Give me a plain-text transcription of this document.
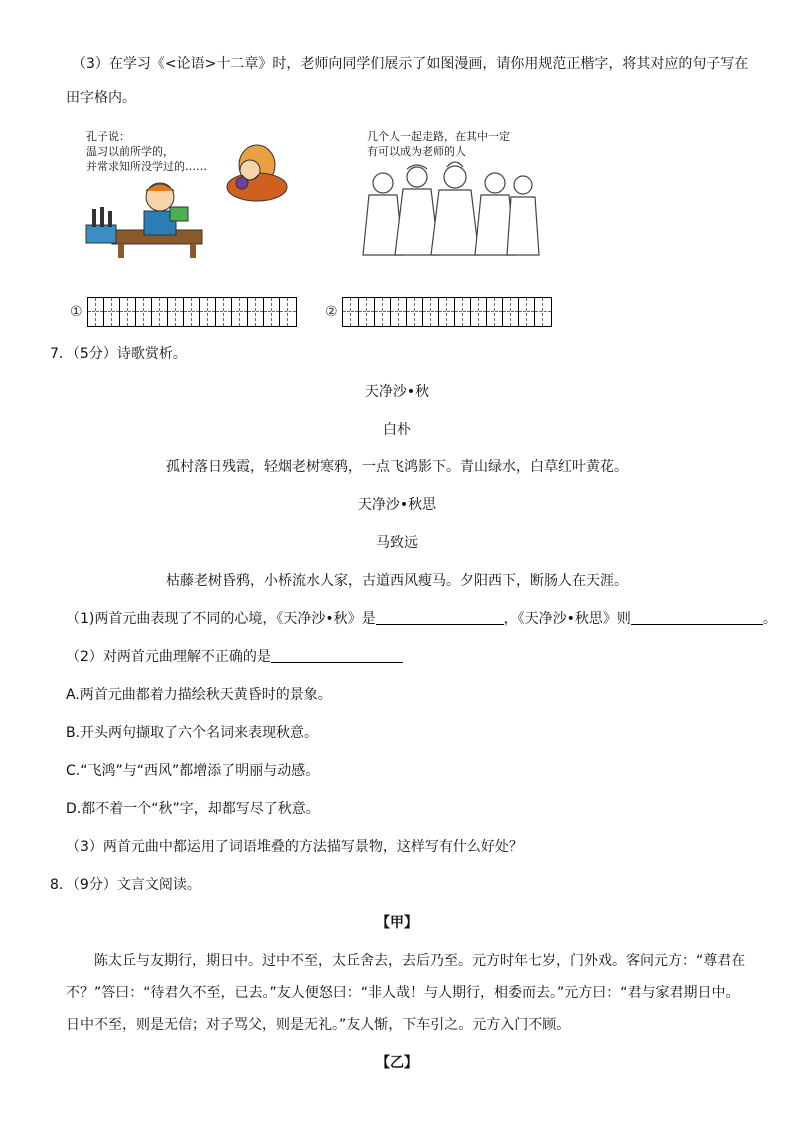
（3）在学习《<论语>十二章》时，老师向同学们展示了如图漫画，请你用规范正楷字，将其对应的句子写在
田字格内。
孔子说：
温习以前所学的，
并常求知所没学过的……
几个人一起走路，在其中一定
有可以成为老师的人
①	②
7．（5分）诗歌赏析。
天净沙•秋
白朴
孤村落日残霞，轻烟老树寒鸦，一点飞鸿影下。青山绿水，白草红叶黄花。
天净沙•秋思
马致远
枯藤老树昏鸦，小桥流水人家，古道西风瘦马。夕阳西下，断肠人在天涯。
（1)两首元曲表现了不同的心境，《天净沙•秋》是	，《天净沙•秋思》则	。
（2）对两首元曲理解不正确的是
A.两首元曲都着力描绘秋天黄昏时的景象。
B.开头两句撷取了六个名词来表现秋意。
C.“飞鸿”与“西风”都增添了明丽与动感。
D.都不着一个“秋”字，却都写尽了秋意。
（3）两首元曲中都运用了词语堆叠的方法描写景物，这样写有什么好处？
8．（9分）文言文阅读。
【甲】
陈太丘与友期行，期日中。过中不至，太丘舍去，去后乃至。元方时年七岁，门外戏。客问元方：“尊君在
不？”答曰：“待君久不至，已去。”友人便怒曰：“非人哉！与人期行，相委而去。”元方曰：“君与家君期日中。
日中不至，则是无信；对子骂父，则是无礼。”友人惭，下车引之。元方入门不顾。
【乙】
